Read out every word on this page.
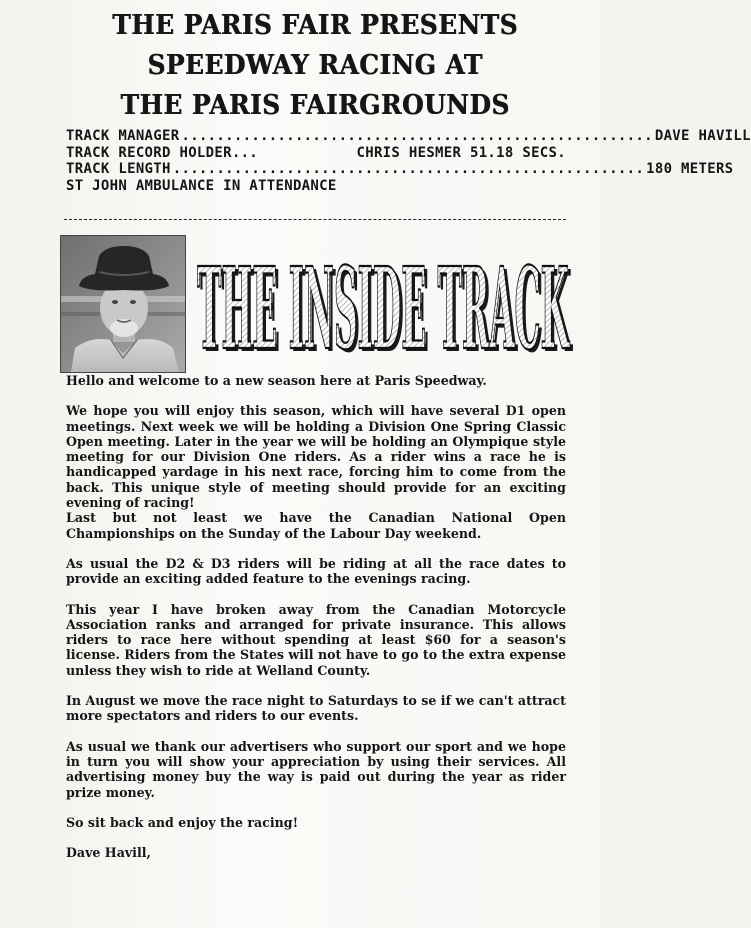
THE PARIS FAIR PRESENTS
SPEEDWAY RACING AT
THE PARIS FAIRGROUNDS
TRACK MANAGER ...................................................... DAVE HAVILL
TRACK RECORD HOLDER...	CHRIS HESMER 51.18 SECS.
TRACK LENGTH ...................................................... 180 METERS
ST JOHN AMBULANCE IN ATTENDANCE
THE INSIDE TRACK
THE INSIDE TRACK

Hello and welcome to a new season here at Paris Speedway.

We hope you will enjoy this season, which will have several D1 open meetings. Next week we will be holding a Division One Spring Classic Open meeting. Later in the year we will be holding an Olympique style meeting for our Division One riders. As a rider wins a race he is handicapped yardage in his next race, forcing him to come from the back. This unique style of meeting should provide for an exciting evening of racing!

Last but not least we have the Canadian National Open Championships on the Sunday of the Labour Day weekend.

As usual the D2 & D3 riders will be riding at all the race dates to provide an exciting added feature to the evenings racing.

This year I have broken away from the Canadian Motorcycle Association ranks and arranged for private insurance. This allows riders to race here without spending at least $60 for a season's license. Riders from the States will not have to go to the extra expense unless they wish to ride at Welland County.

In August we move the race night to Saturdays to se if we can't attract more spectators and riders to our events.

As usual we thank our advertisers who support our sport and we hope in turn you will show your appreciation by using their services. All advertising money buy the way is paid out during the year as rider prize money.

So sit back and enjoy the racing!

Dave Havill,
